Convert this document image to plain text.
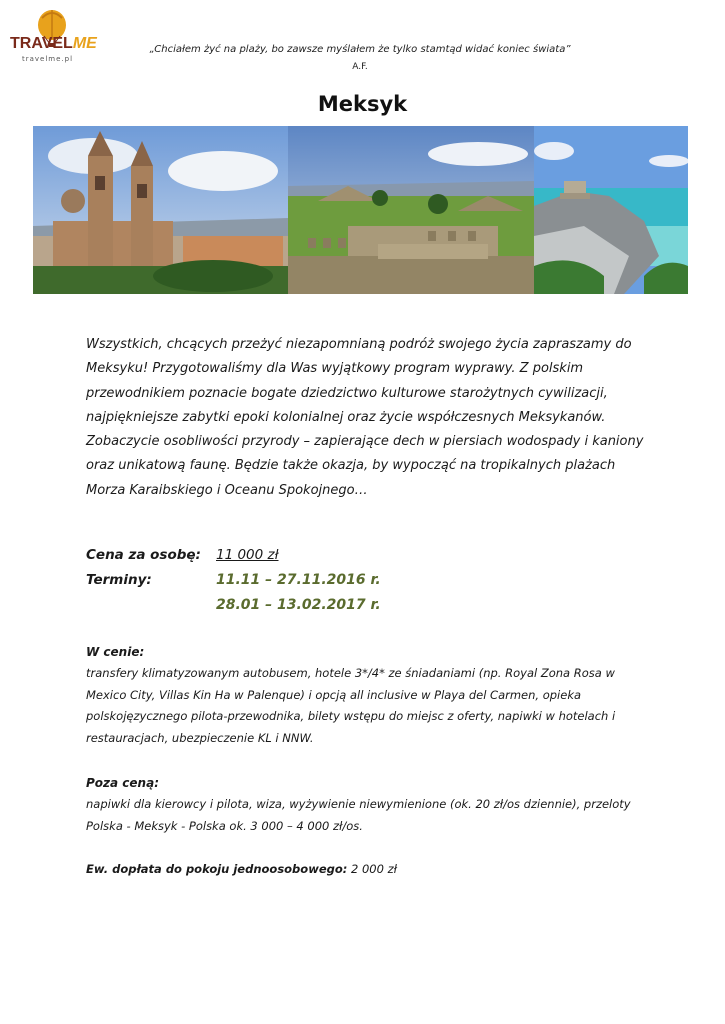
TRAVELME
travelme.pl
„Chciałem żyć na plaży, bo zawsze myślałem że tylko stamtąd widać koniec świata”
A.F.
Meksyk
Wszystkich, chcących przeżyć niezapomnianą podróż swojego życia zapraszamy do Meksyku! Przygotowaliśmy dla Was wyjątkowy program wyprawy. Z polskim przewodnikiem poznacie bogate dziedzictwo kulturowe starożytnych cywilizacji, najpiękniejsze zabytki epoki kolonialnej oraz życie współczesnych Meksykanów. Zobaczycie osobliwości przyrody – zapierające dech w piersiach wodospady i kaniony oraz unikatową faunę. Będzie także okazja, by wypocząć na tropikalnych plażach Morza Karaibskiego i Oceanu Spokojnego…
Cena za osobę: 11 000 zł
Terminy:	11.11 – 27.11.2016 r.
28.01 – 13.02.2017 r.
W cenie:
transfery klimatyzowanym autobusem, hotele 3*/4* ze śniadaniami (np. Royal Zona Rosa w Mexico City, Villas Kin Ha w Palenque) i opcją all inclusive w Playa del Carmen, opieka polskojęzycznego pilota-przewodnika, bilety wstępu do miejsc z oferty, napiwki w hotelach i restauracjach, ubezpieczenie KL i NNW.
Poza ceną:
napiwki dla kierowcy i pilota, wiza, wyżywienie niewymienione (ok. 20 zł/os dziennie), przeloty Polska - Meksyk - Polska ok. 3 000 – 4 000 zł/os.
Ew. dopłata do pokoju jednoosobowego: 2 000 zł
